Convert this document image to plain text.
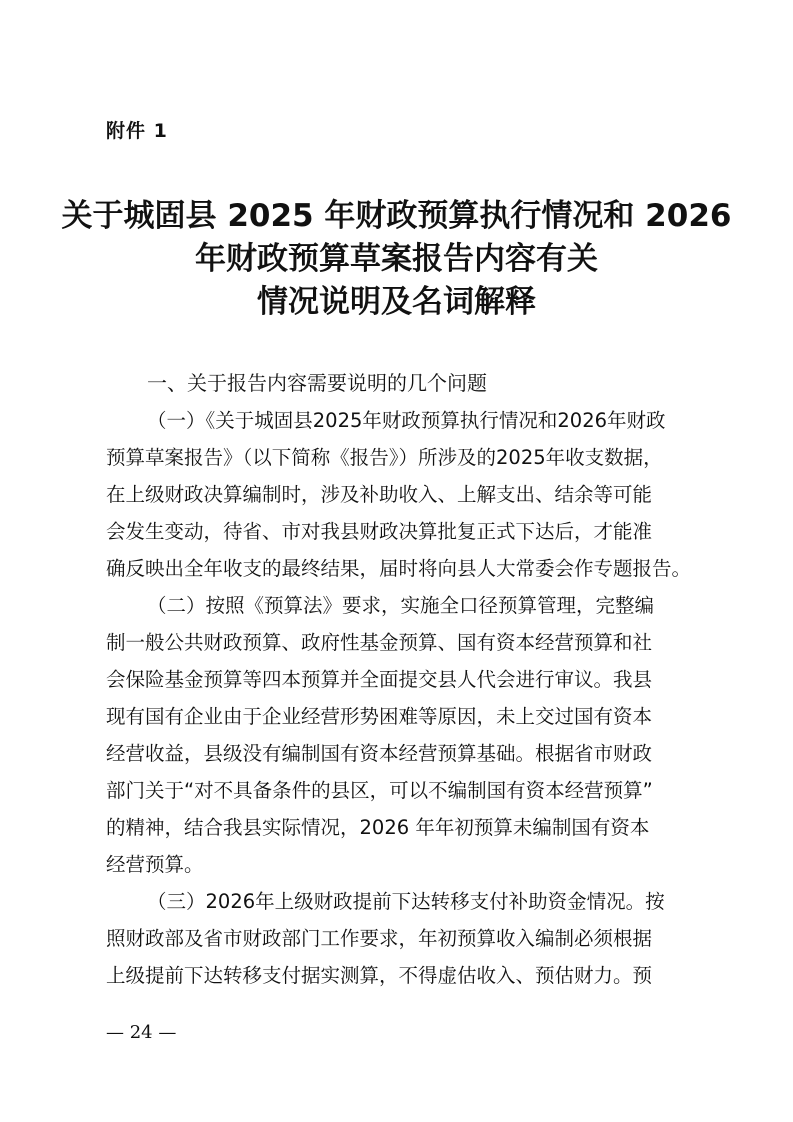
附件 1
关于城固县 2025 年财政预算执行情况和 2026
年财政预算草案报告内容有关
情况说明及名词解释
一、关于报告内容需要说明的几个问题
（一）《关于城固县2025年财政预算执行情况和2026年财政
预算草案报告》（以下简称《报告》）所涉及的2025年收支数据，
在上级财政决算编制时，涉及补助收入、上解支出、结余等可能
会发生变动，待省、市对我县财政决算批复正式下达后，才能准
确反映出全年收支的最终结果，届时将向县人大常委会作专题报告。
（二）按照《预算法》要求，实施全口径预算管理，完整编
制一般公共财政预算、政府性基金预算、国有资本经营预算和社
会保险基金预算等四本预算并全面提交县人代会进行审议。我县
现有国有企业由于企业经营形势困难等原因，未上交过国有资本
经营收益，县级没有编制国有资本经营预算基础。根据省市财政
部门关于“对不具备条件的县区，可以不编制国有资本经营预算”
的精神，结合我县实际情况，2026 年年初预算未编制国有资本
经营预算。
（三）2026年上级财政提前下达转移支付补助资金情况。按
照财政部及省市财政部门工作要求，年初预算收入编制必须根据
上级提前下达转移支付据实测算，不得虚估收入、预估财力。预
— 24 —
